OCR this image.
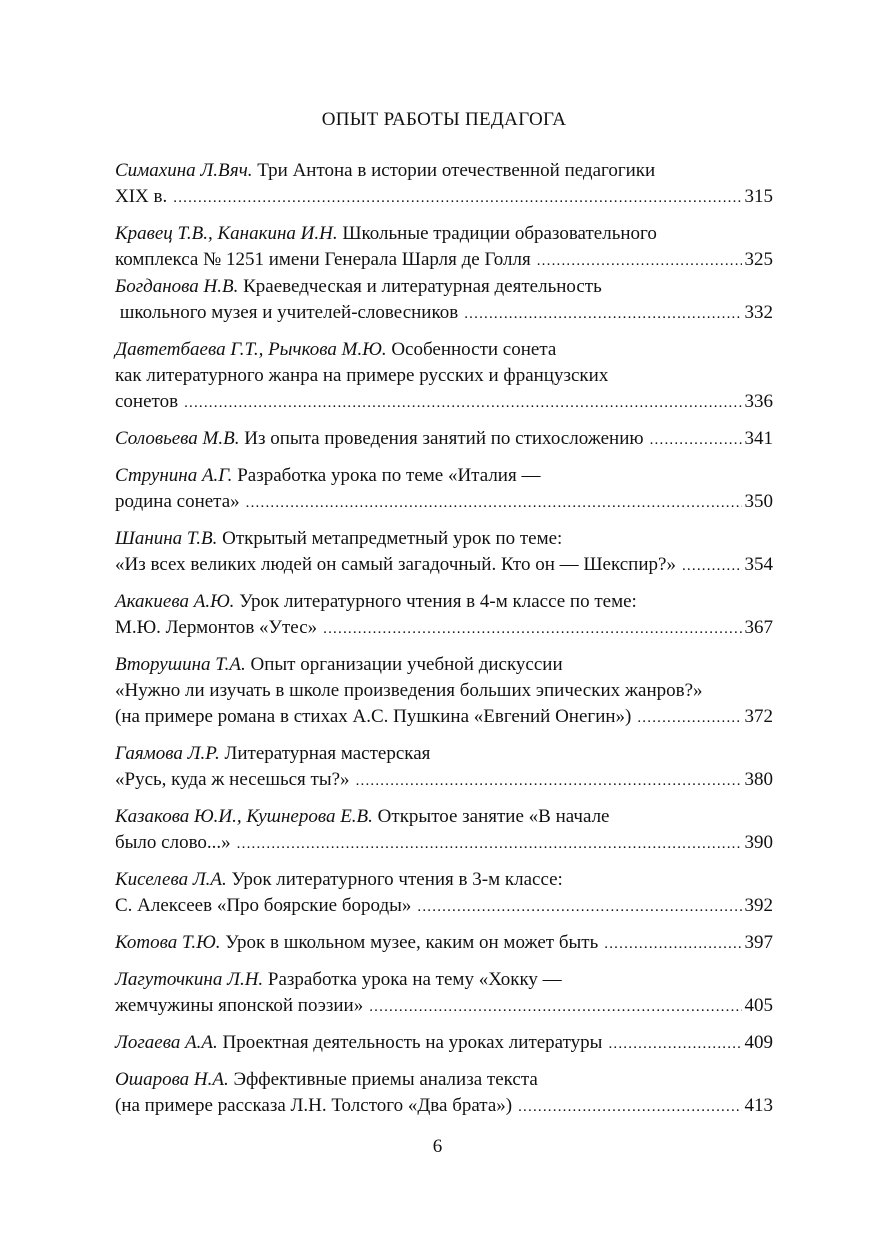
ОПЫТ РАБОТЫ ПЕДАГОГА
Симахина Л.Вяч. Три Антона в истории отечественной педагогики
XIX в. .....	315
Кравец Т.В., Канакина И.Н. Школьные традиции образовательного
комплекса № 1251 имени Генерала Шарля де Голля .....	325
Богданова Н.В. Краеведческая и литературная деятельность
школьного музея и учителей-словесников .....	332
Давтетбаева Г.Т., Рычкова М.Ю. Особенности сонета
как литературного жанра на примере русских и французских
сонетов .....	336
Соловьева М.В. Из опыта проведения занятий по стихосложению .....	341
Струнина А.Г. Разработка урока по теме «Италия —
родина сонета» .....	350
Шанина Т.В. Открытый метапредметный урок по теме:
«Из всех великих людей он самый загадочный. Кто он — Шекспир?» .....	354
Акакиева А.Ю. Урок литературного чтения в 4-м классе по теме:
М.Ю. Лермонтов «Утес» .....	367
Вторушина Т.А. Опыт организации учебной дискуссии
«Нужно ли изучать в школе произведения больших эпических жанров?»
(на примере романа в стихах А.С. Пушкина «Евгений Онегин») .....	372
Гаямова Л.Р. Литературная мастерская
«Русь, куда ж несешься ты?» .....	380
Казакова Ю.И., Кушнерова Е.В. Открытое занятие «В начале
было слово...» .....	390
Киселева Л.А. Урок литературного чтения в 3-м классе:
С. Алексеев «Про боярские бороды» .....	392
Котова Т.Ю. Урок в школьном музее, каким он может быть .....	397
Лагуточкина Л.Н. Разработка урока на тему «Хокку —
жемчужины японской поэзии» .....	405
Логаева А.А. Проектная деятельность на уроках литературы .....	409
Ошарова Н.А. Эффективные приемы анализа текста
(на примере рассказа Л.Н. Толстого «Два брата») .....	413
6
